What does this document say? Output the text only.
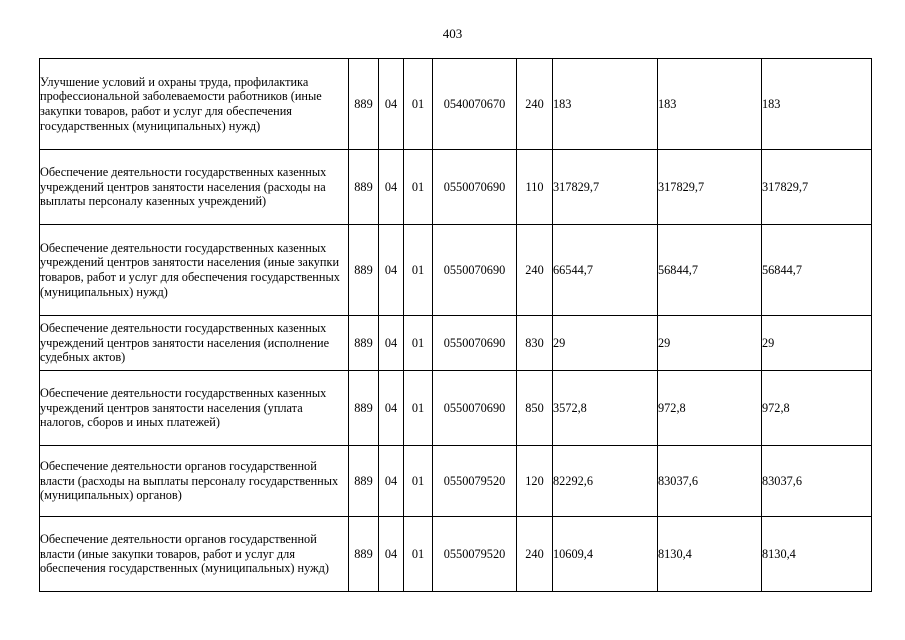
403
Улучшение условий и охраны труда, профилактика профессиональной заболеваемости работников (иные закупки товаров, работ и услуг для обеспечения государственных (муниципальных) нужд)	889	04	01	0540070670	240	183	183	183
Обеспечение деятельности государственных казенных учреждений центров занятости населения (расходы на выплаты персоналу казенных учреждений)	889	04	01	0550070690	110	317829,7	317829,7	317829,7
Обеспечение деятельности государственных казенных учреждений центров занятости населения (иные закупки товаров, работ и услуг для обеспечения государственных (муниципальных) нужд)	889	04	01	0550070690	240	66544,7	56844,7	56844,7
Обеспечение деятельности государственных казенных учреждений центров занятости населения (исполнение судебных актов)	889	04	01	0550070690	830	29	29	29
Обеспечение деятельности государственных казенных учреждений центров занятости населения (уплата налогов, сборов и иных платежей)	889	04	01	0550070690	850	3572,8	972,8	972,8
Обеспечение деятельности органов государственной власти (расходы на выплаты персоналу государственных (муниципальных) органов)	889	04	01	0550079520	120	82292,6	83037,6	83037,6
Обеспечение деятельности органов государственной власти (иные закупки товаров, работ и услуг для обеспечения государственных (муниципальных) нужд)	889	04	01	0550079520	240	10609,4	8130,4	8130,4
